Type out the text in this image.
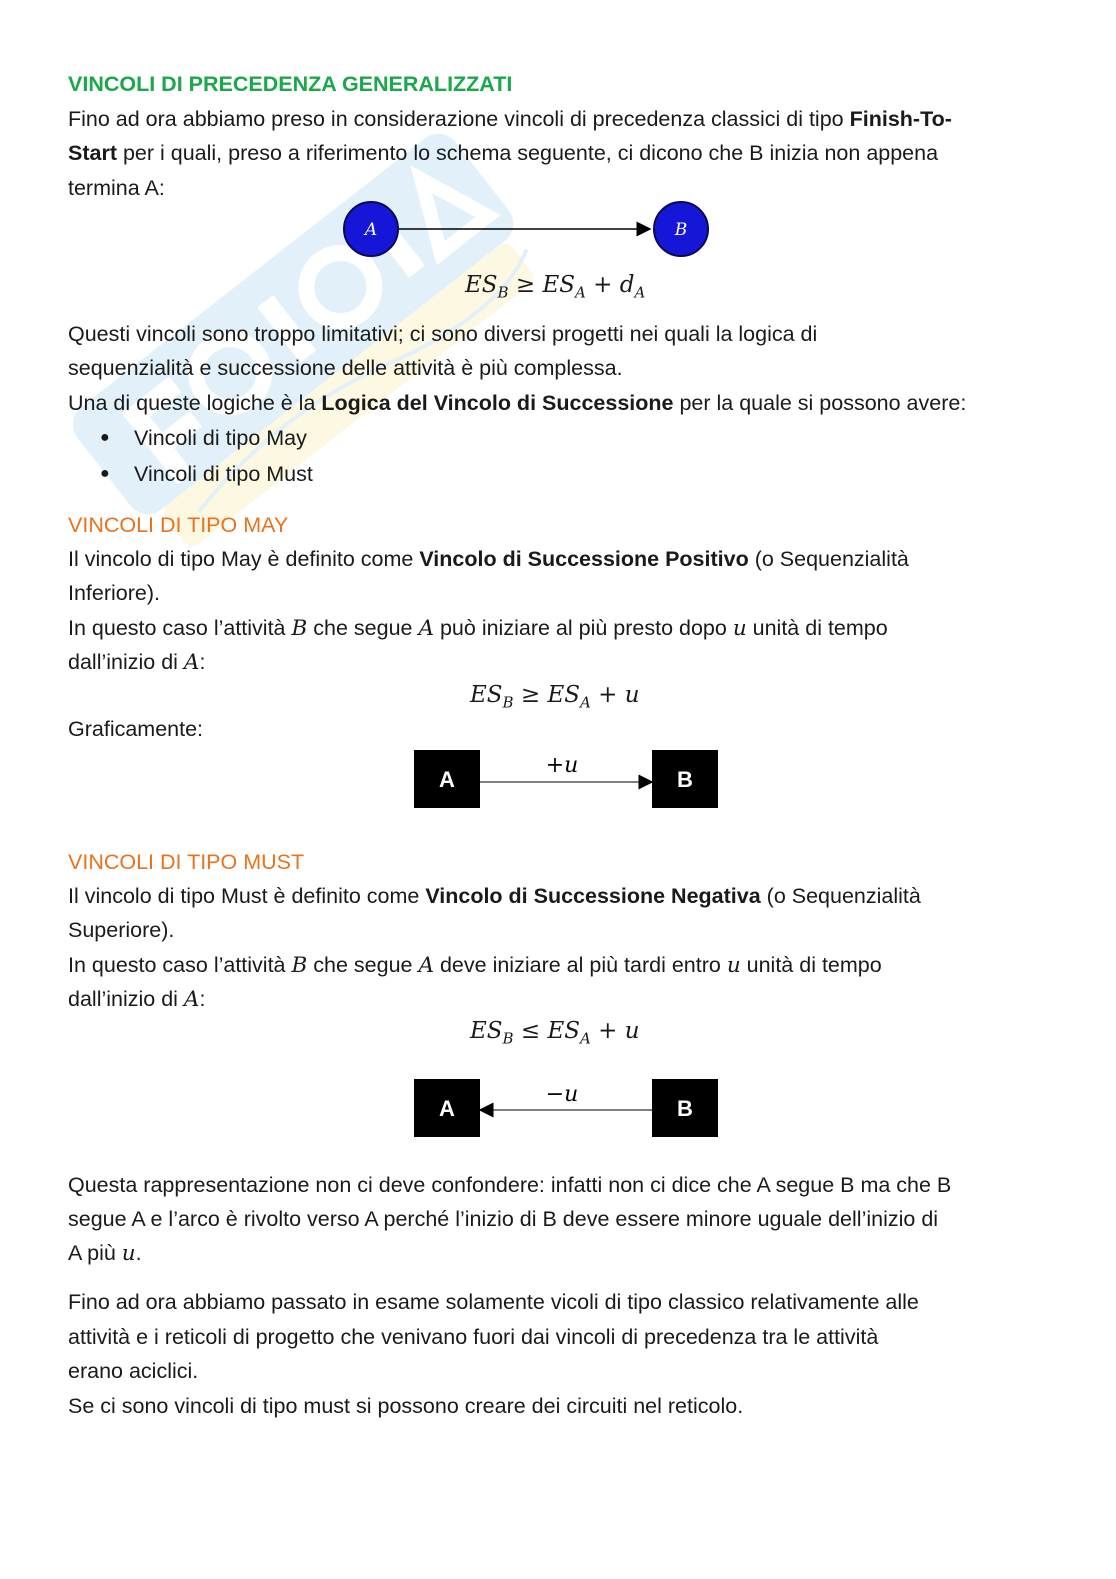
VINCOLI DI PRECEDENZA GENERALIZZATI
Fino ad ora abbiamo preso in considerazione vincoli di precedenza classici di tipo Finish-To-
Start per i quali, preso a riferimento lo schema seguente, ci dicono che B inizia non appena
termina A:
A	B
$ES_B \ge ES_A + d_A$
Questi vincoli sono troppo limitativi; ci sono diversi progetti nei quali la logica di
sequenzialità e successione delle attività è più complessa.
Una di queste logiche è la Logica del Vincolo di Successione per la quale si possono avere:
● Vincoli di tipo May
● Vincoli di tipo Must
VINCOLI DI TIPO MAY
Il vincolo di tipo May è definito come Vincolo di Successione Positivo (o Sequenzialità
Inferiore).
In questo caso l’attività B che segue A può iniziare al più presto dopo u unità di tempo
dall’inizio di A:
$ES_B \ge ES_A + u$
Graficamente:
A	B
+u
VINCOLI DI TIPO MUST
Il vincolo di tipo Must è definito come Vincolo di Successione Negativa (o Sequenzialità
Superiore).
In questo caso l’attività B che segue A deve iniziare al più tardi entro u unità di tempo
dall’inizio di A:
$ES_B \le ES_A + u$
A	B
−u
Questa rappresentazione non ci deve confondere: infatti non ci dice che A segue B ma che B
segue A e l’arco è rivolto verso A perché l’inizio di B deve essere minore uguale dell’inizio di
A più u.
Fino ad ora abbiamo passato in esame solamente vicoli di tipo classico relativamente alle
attività e i reticoli di progetto che venivano fuori dai vincoli di precedenza tra le attività
erano aciclici.
Se ci sono vincoli di tipo must si possono creare dei circuiti nel reticolo.
